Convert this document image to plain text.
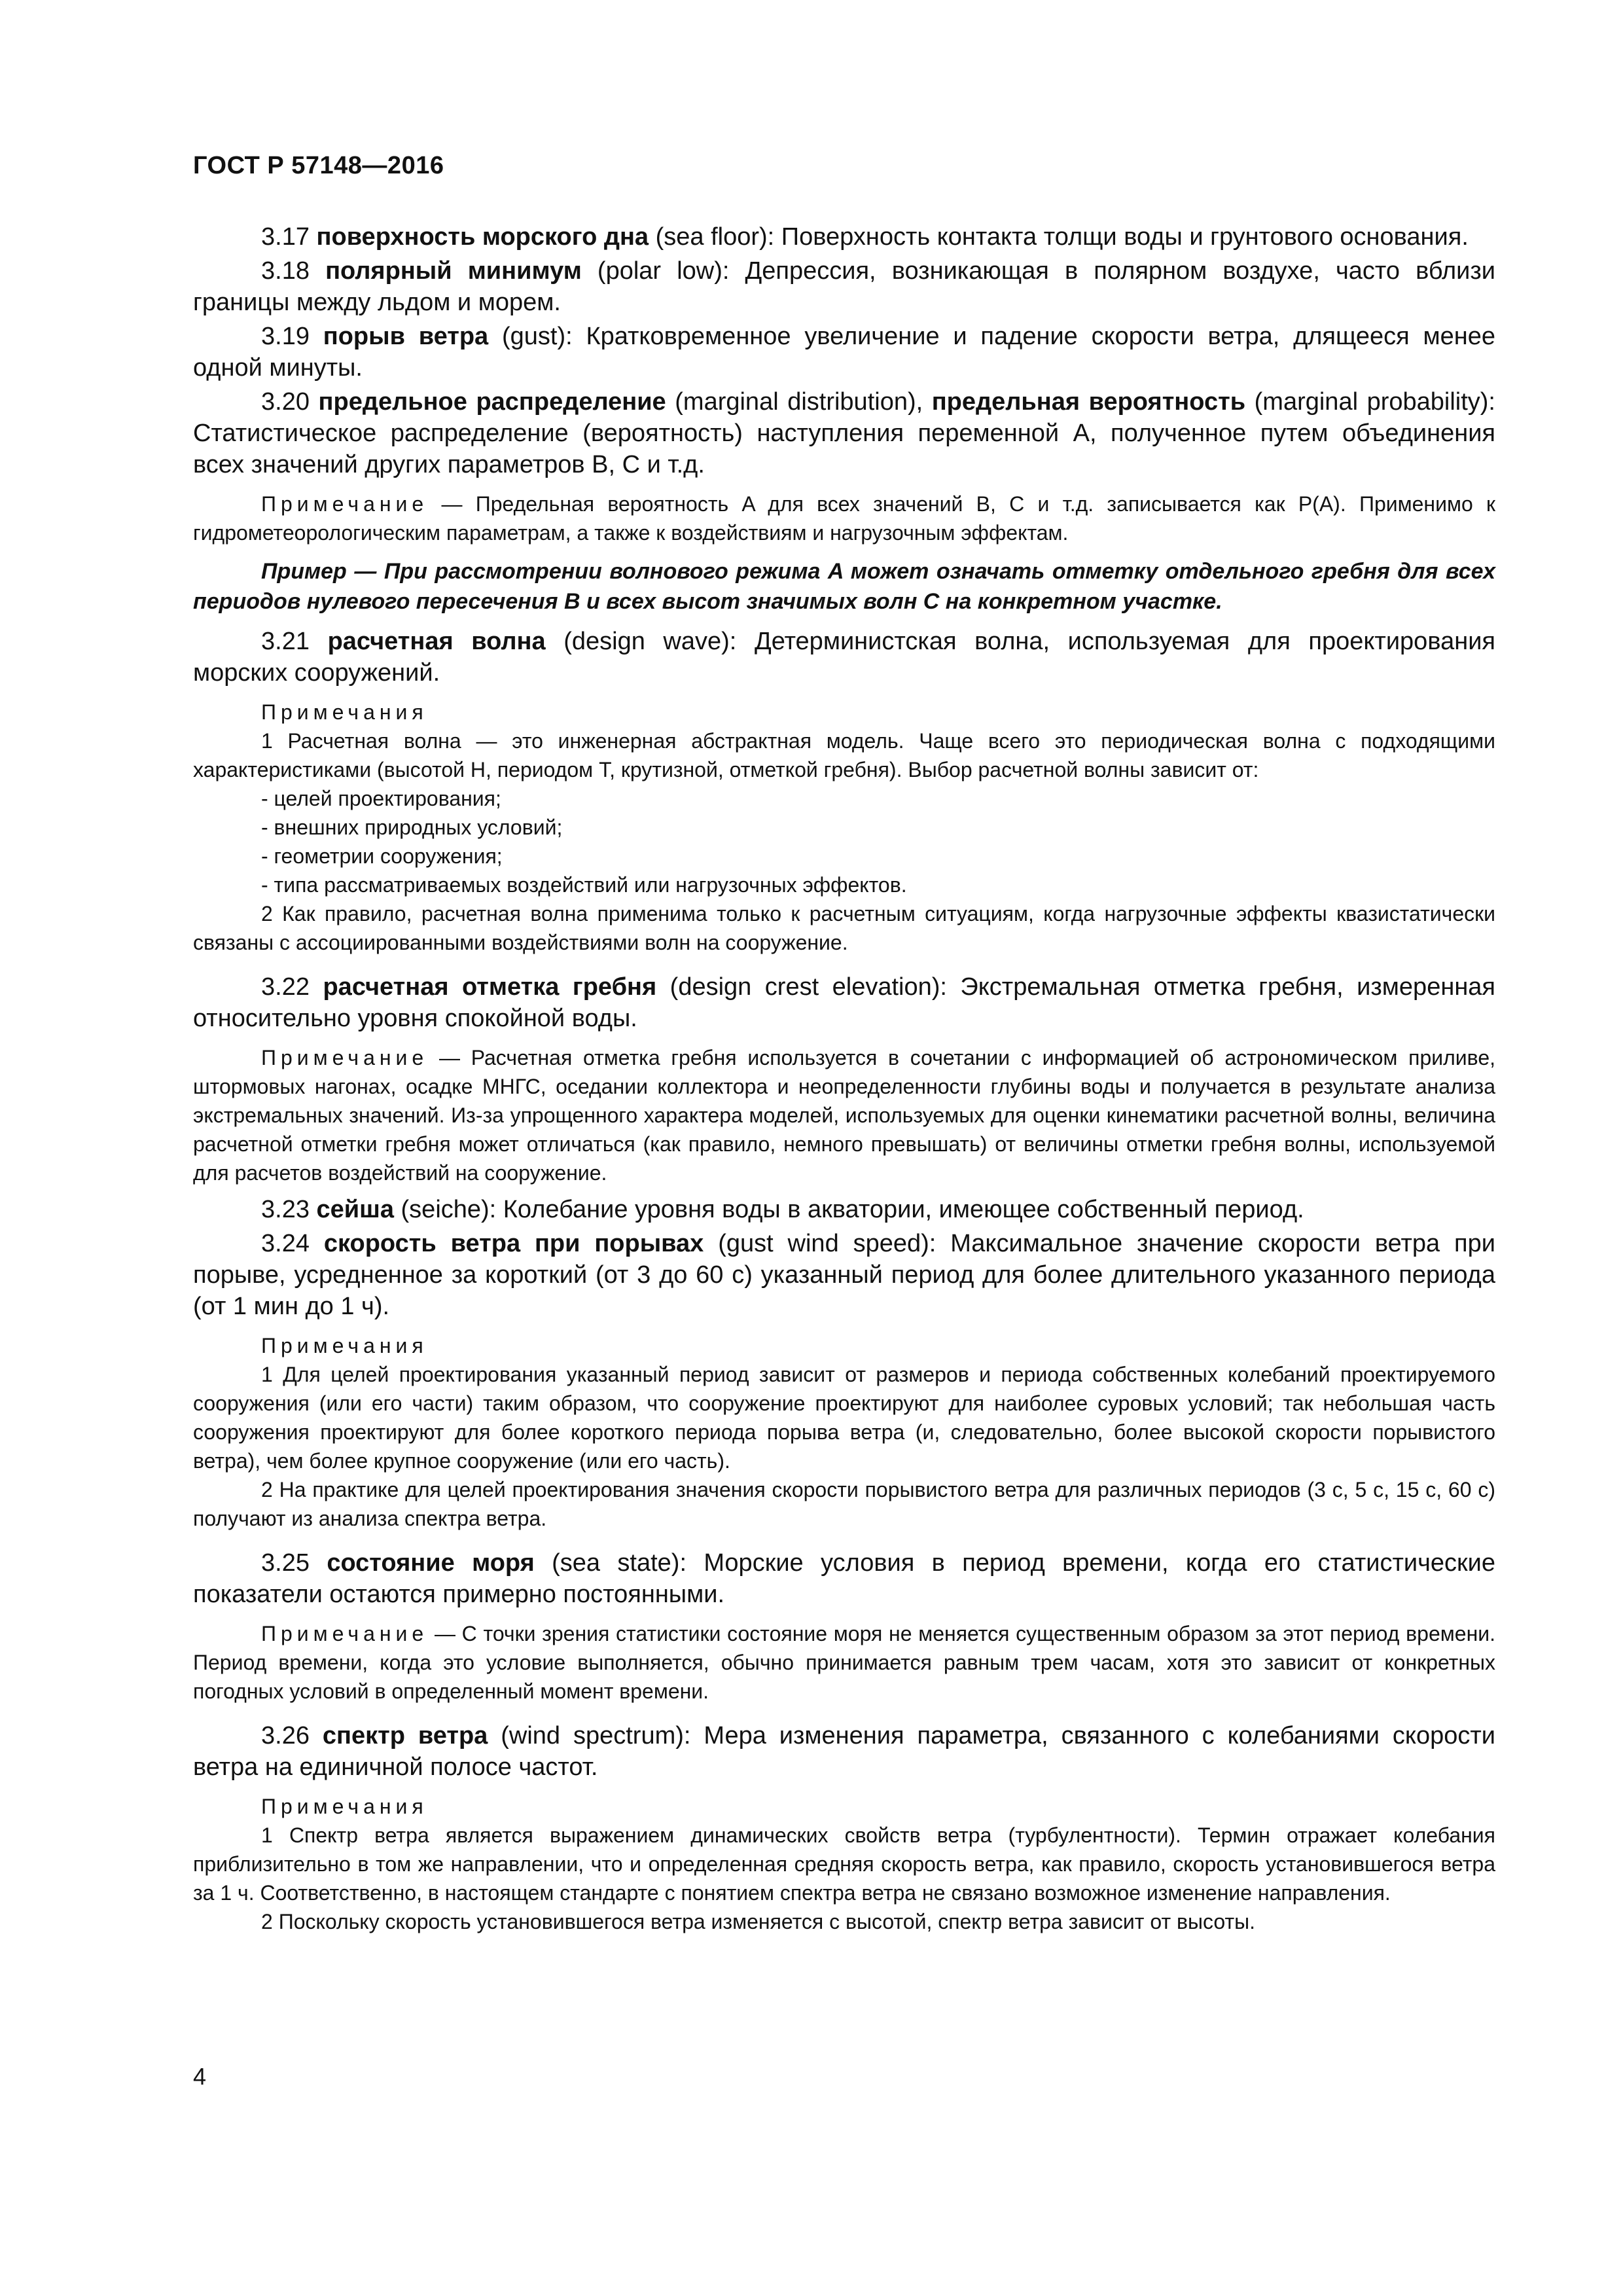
ГОСТ Р 57148—2016

3.17 поверхность морского дна (sea floor): Поверхность контакта толщи воды и грунтового основания.

3.18 полярный минимум (polar low): Депрессия, возникающая в полярном воздухе, часто вблизи границы между льдом и морем.

3.19 порыв ветра (gust): Кратковременное увеличение и падение скорости ветра, длящееся менее одной минуты.

3.20 предельное распределение (marginal distribution), предельная вероятность (marginal probability): Статистическое распределение (вероятность) наступления переменной A, полученное путем объединения всех значений других параметров B, C и т.д.

Примечание — Предельная вероятность A для всех значений B, C и т.д. записывается как P(A). Применимо к гидрометеорологическим параметрам, а также к воздействиям и нагрузочным эффектам.

Пример — При рассмотрении волнового режима A может означать отметку отдельного гребня для всех периодов нулевого пересечения B и всех высот значимых волн C на конкретном участке.

3.21 расчетная волна (design wave): Детерминистская волна, используемая для проектирования морских сооружений.

Примечания
1 Расчетная волна — это инженерная абстрактная модель. Чаще всего это периодическая волна с подходящими характеристиками (высотой H, периодом T, крутизной, отметкой гребня). Выбор расчетной волны зависит от:
- целей проектирования;
- внешних природных условий;
- геометрии сооружения;
- типа рассматриваемых воздействий или нагрузочных эффектов.
2 Как правило, расчетная волна применима только к расчетным ситуациям, когда нагрузочные эффекты квазистатически связаны с ассоциированными воздействиями волн на сооружение.

3.22 расчетная отметка гребня (design crest elevation): Экстремальная отметка гребня, измеренная относительно уровня спокойной воды.

Примечание — Расчетная отметка гребня используется в сочетании с информацией об астрономическом приливе, штормовых нагонах, осадке МНГС, оседании коллектора и неопределенности глубины воды и получается в результате анализа экстремальных значений. Из-за упрощенного характера моделей, используемых для оценки кинематики расчетной волны, величина расчетной отметки гребня может отличаться (как правило, немного превышать) от величины отметки гребня волны, используемой для расчетов воздействий на сооружение.

3.23 сейша (seiche): Колебание уровня воды в акватории, имеющее собственный период.

3.24 скорость ветра при порывах (gust wind speed): Максимальное значение скорости ветра при порыве, усредненное за короткий (от 3 до 60 с) указанный период для более длительного указанного периода (от 1 мин до 1 ч).

Примечания
1 Для целей проектирования указанный период зависит от размеров и периода собственных колебаний проектируемого сооружения (или его части) таким образом, что сооружение проектируют для наиболее суровых условий; так небольшая часть сооружения проектируют для более короткого периода порыва ветра (и, следовательно, более высокой скорости порывистого ветра), чем более крупное сооружение (или его часть).
2 На практике для целей проектирования значения скорости порывистого ветра для различных периодов (3 с, 5 с, 15 с, 60 с) получают из анализа спектра ветра.

3.25 состояние моря (sea state): Морские условия в период времени, когда его статистические показатели остаются примерно постоянными.

Примечание — С точки зрения статистики состояние моря не меняется существенным образом за этот период времени. Период времени, когда это условие выполняется, обычно принимается равным трем часам, хотя это зависит от конкретных погодных условий в определенный момент времени.

3.26 спектр ветра (wind spectrum): Мера изменения параметра, связанного с колебаниями скорости ветра на единичной полосе частот.

Примечания
1 Спектр ветра является выражением динамических свойств ветра (турбулентности). Термин отражает колебания приблизительно в том же направлении, что и определенная средняя скорость ветра, как правило, скорость установившегося ветра за 1 ч. Соответственно, в настоящем стандарте с понятием спектра ветра не связано возможное изменение направления.
2 Поскольку скорость установившегося ветра изменяется с высотой, спектр ветра зависит от высоты.
4
